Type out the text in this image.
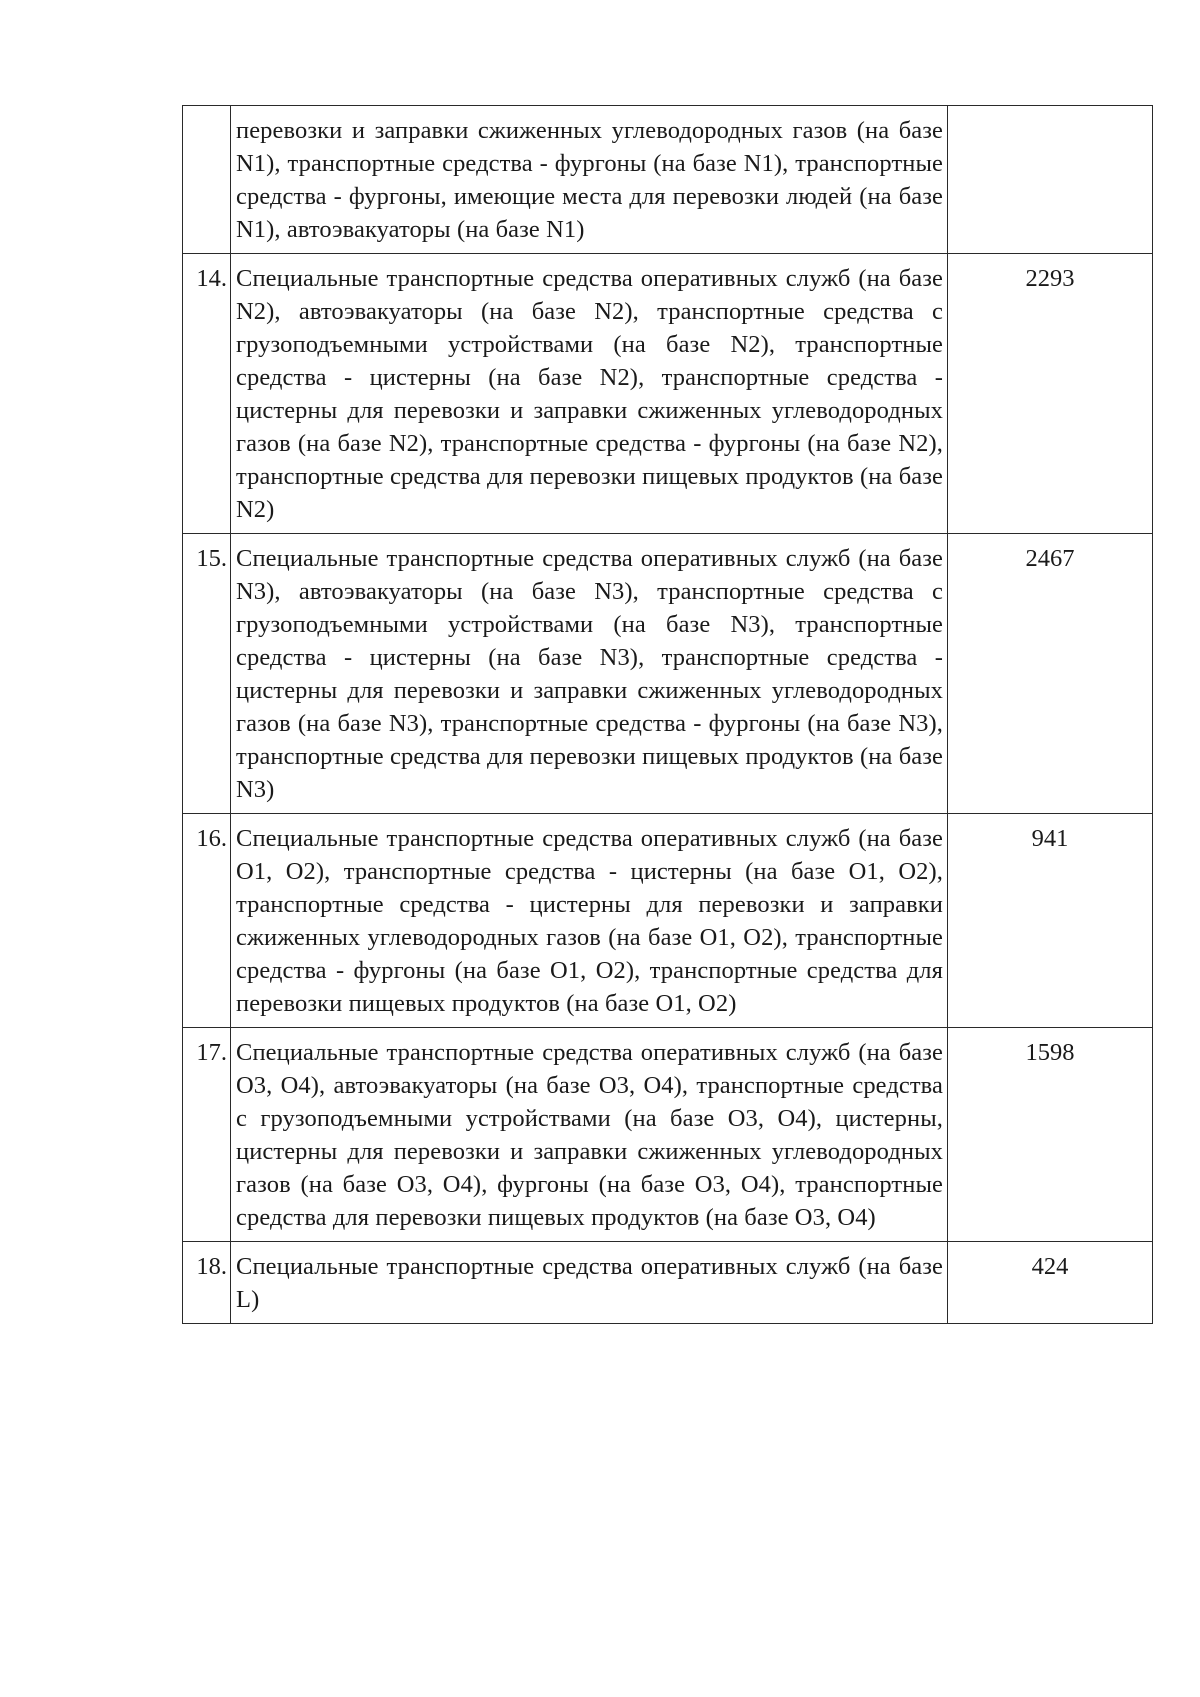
	перевозки и заправки сжиженных углеводородных газов (на базе N1), транспортные средства - фургоны (на базе N1), транспортные средства - фургоны, имеющие места для перевозки людей (на базе N1), автоэвакуаторы (на базе N1)	
14.	Специальные транспортные средства оперативных служб (на базе N2), автоэвакуаторы (на базе N2), транспортные средства с грузоподъемными устройствами (на базе N2), транспортные средства - цистерны (на базе N2), транспортные средства - цистерны для перевозки и заправки сжиженных углеводородных газов (на базе N2), транспортные средства - фургоны (на базе N2), транспортные средства для перевозки пищевых продуктов (на базе N2)	2293
15.	Специальные транспортные средства оперативных служб (на базе N3), автоэвакуаторы (на базе N3), транспортные средства с грузоподъемными устройствами (на базе N3), транспортные средства - цистерны (на базе N3), транспортные средства - цистерны для перевозки и заправки сжиженных углеводородных газов (на базе N3), транспортные средства - фургоны (на базе N3), транспортные средства для перевозки пищевых продуктов (на базе N3)	2467
16.	Специальные транспортные средства оперативных служб (на базе O1, O2), транспортные средства - цистерны (на базе O1, O2), транспортные средства - цистерны для перевозки и заправки сжиженных углеводородных газов (на базе O1, O2), транспортные средства - фургоны (на базе O1, O2), транспортные средства для перевозки пищевых продуктов (на базе O1, O2)	941
17.	Специальные транспортные средства оперативных служб (на базе O3, O4), автоэвакуаторы (на базе O3, O4), транспортные средства с грузоподъемными устройствами (на базе O3, O4), цистерны, цистерны для перевозки и заправки сжиженных углеводородных газов (на базе O3, O4), фургоны (на базе O3, O4), транспортные средства для перевозки пищевых продуктов (на базе O3, O4)	1598
18.	Специальные транспортные средства оперативных служб (на базе L)	424
